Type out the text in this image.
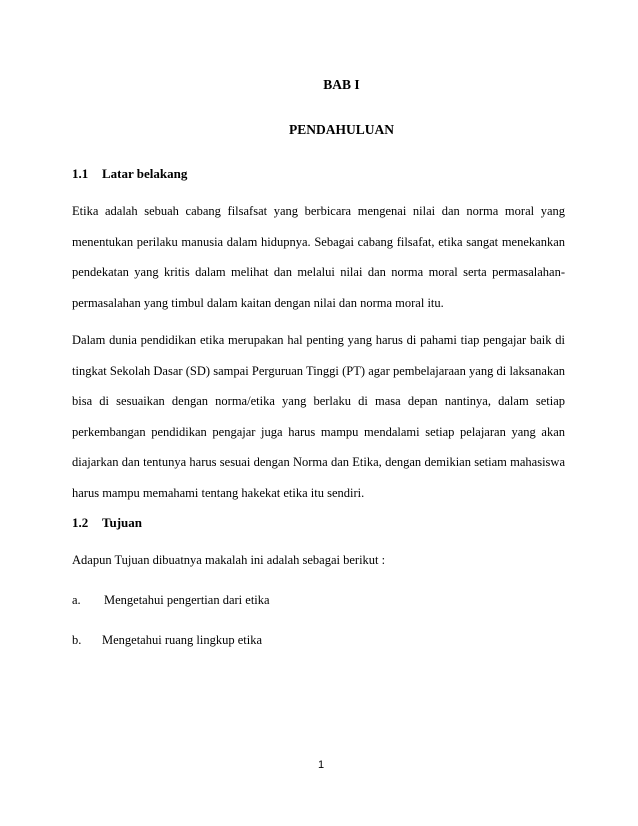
BAB I
PENDAHULUAN
1.1 Latar belakang

Etika adalah sebuah cabang filsafsat yang berbicara mengenai nilai dan norma moral yang menentukan perilaku manusia dalam hidupnya. Sebagai cabang filsafat, etika sangat menekankan pendekatan yang kritis dalam melihat dan melalui nilai dan norma moral serta permasalahan-permasalahan yang timbul dalam kaitan dengan nilai dan norma moral itu.

Dalam dunia pendidikan etika merupakan hal penting yang harus di pahami tiap pengajar baik di tingkat Sekolah Dasar (SD) sampai Perguruan Tinggi (PT) agar pembelajaraan yang di laksanakan bisa di sesuaikan dengan norma/etika yang berlaku di masa depan nantinya, dalam setiap perkembangan pendidikan pengajar juga harus mampu mendalami setiap pelajaran yang akan diajarkan dan tentunya harus sesuai dengan Norma dan Etika, dengan demikian setiam mahasiswa harus mampu memahami tentang hakekat etika itu sendiri.

1.2 Tujuan
Adapun Tujuan dibuatnya makalah ini adalah sebagai berikut :
a. Mengetahui pengertian dari etika
b. Mengetahui ruang lingkup etika
1
